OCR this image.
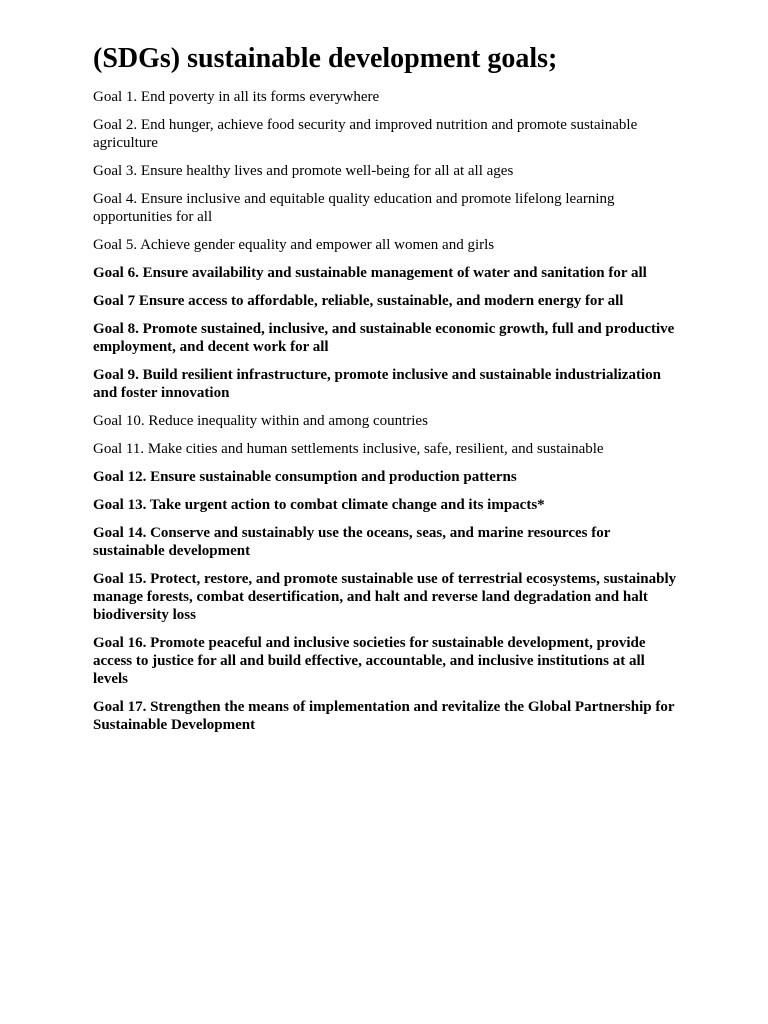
(SDGs) sustainable development goals;
Goal 1. End poverty in all its forms everywhere
Goal 2. End hunger, achieve food security and improved nutrition and promote sustainable agriculture
Goal 3. Ensure healthy lives and promote well-being for all at all ages
Goal 4. Ensure inclusive and equitable quality education and promote lifelong learning opportunities for all
Goal 5. Achieve gender equality and empower all women and girls
Goal 6. Ensure availability and sustainable management of water and sanitation for all
Goal 7 Ensure access to affordable, reliable, sustainable, and modern energy for all
Goal 8. Promote sustained, inclusive, and sustainable economic growth, full and productive employment, and decent work for all
Goal 9. Build resilient infrastructure, promote inclusive and sustainable industrialization and foster innovation
Goal 10. Reduce inequality within and among countries
Goal 11. Make cities and human settlements inclusive, safe, resilient, and sustainable
Goal 12. Ensure sustainable consumption and production patterns
Goal 13. Take urgent action to combat climate change and its impacts*
Goal 14. Conserve and sustainably use the oceans, seas, and marine resources for sustainable development
Goal 15. Protect, restore, and promote sustainable use of terrestrial ecosystems, sustainably manage forests, combat desertification, and halt and reverse land degradation and halt biodiversity loss
Goal 16. Promote peaceful and inclusive societies for sustainable development, provide access to justice for all and build effective, accountable, and inclusive institutions at all levels
Goal 17. Strengthen the means of implementation and revitalize the Global Partnership for Sustainable Development
